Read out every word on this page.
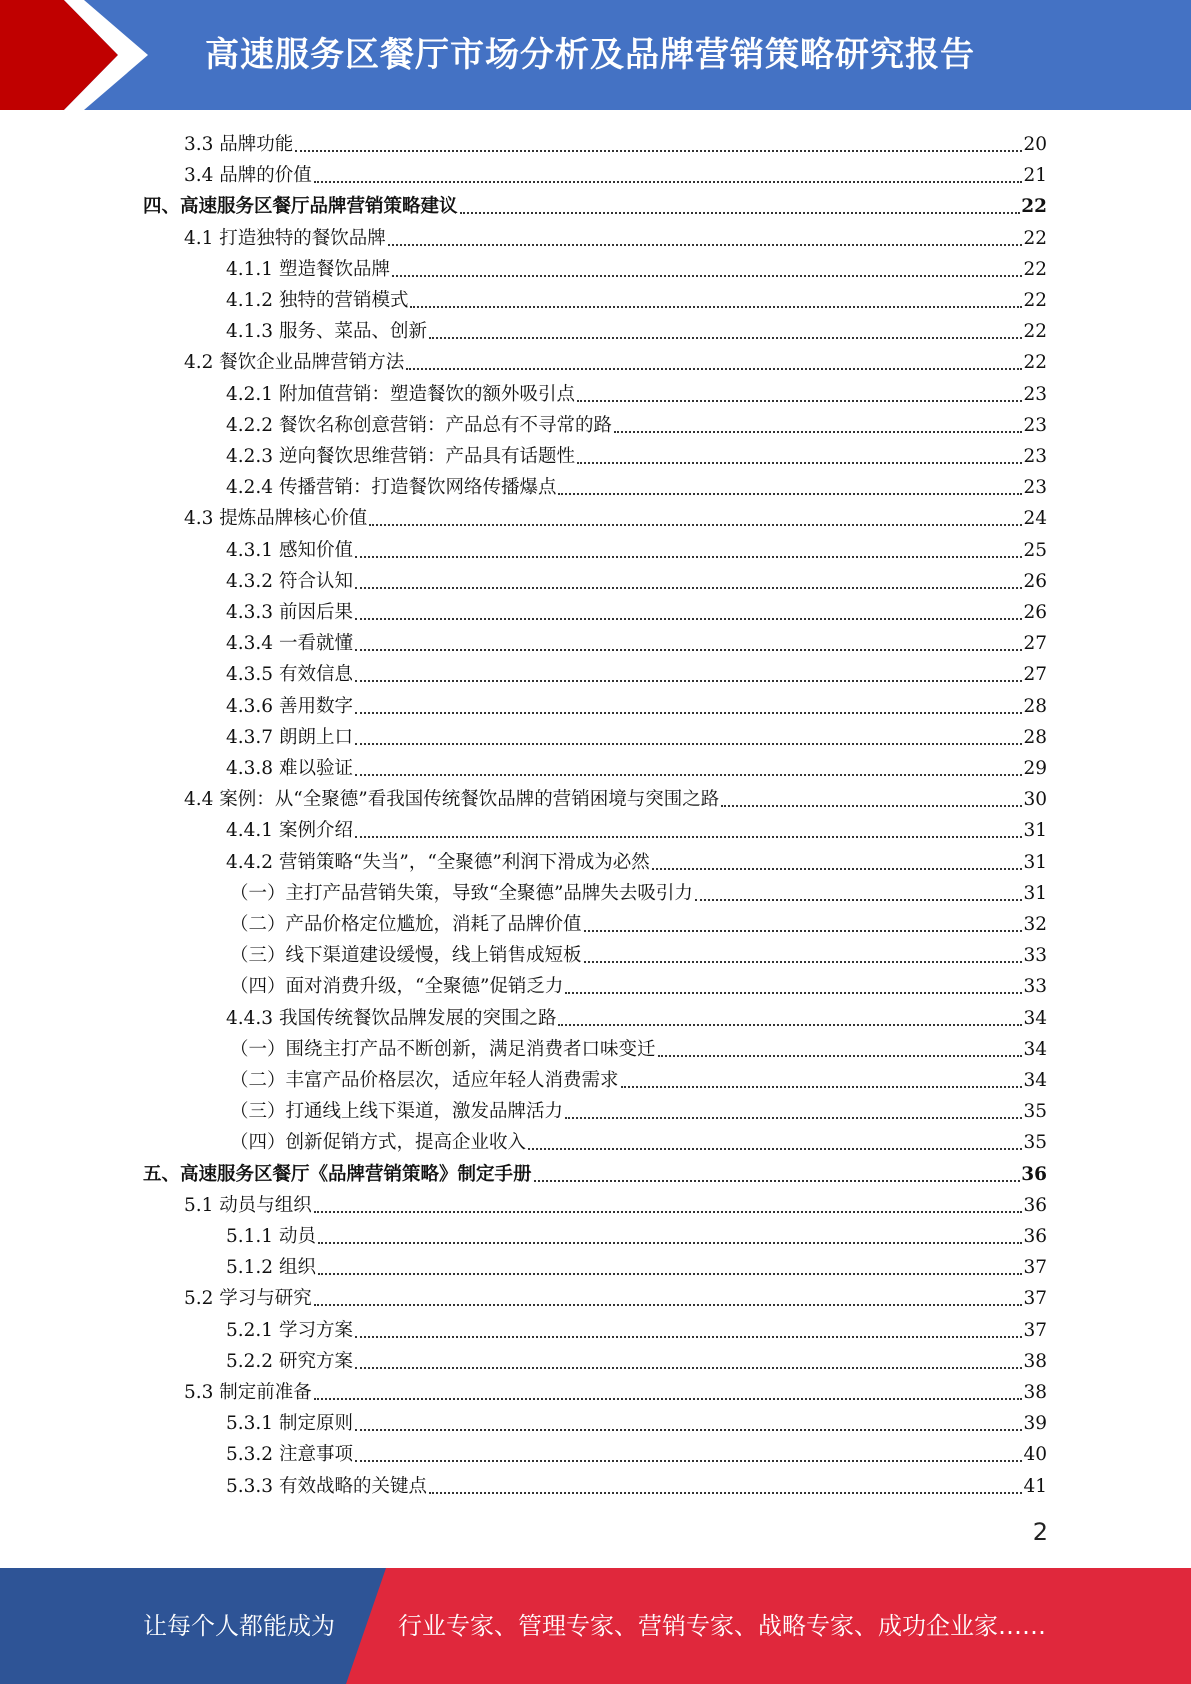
高速服务区餐厅市场分析及品牌营销策略研究报告
3.3 品牌功能	20
3.4 品牌的价值	21
四、高速服务区餐厅品牌营销策略建议	22
4.1 打造独特的餐饮品牌	22
4.1.1 塑造餐饮品牌	22
4.1.2 独特的营销模式	22
4.1.3 服务、菜品、创新	22
4.2 餐饮企业品牌营销方法	22
4.2.1 附加值营销：塑造餐饮的额外吸引点	23
4.2.2 餐饮名称创意营销：产品总有不寻常的路	23
4.2.3 逆向餐饮思维营销：产品具有话题性	23
4.2.4 传播营销：打造餐饮网络传播爆点	23
4.3 提炼品牌核心价值	24
4.3.1 感知价值	25
4.3.2 符合认知	26
4.3.3 前因后果	26
4.3.4 一看就懂	27
4.3.5 有效信息	27
4.3.6 善用数字	28
4.3.7 朗朗上口	28
4.3.8 难以验证	29
4.4 案例：从“全聚德”看我国传统餐饮品牌的营销困境与突围之路	30
4.4.1 案例介绍	31
4.4.2 营销策略“失当”，“全聚德”利润下滑成为必然	31
（一）主打产品营销失策，导致“全聚德”品牌失去吸引力	31
（二）产品价格定位尴尬，消耗了品牌价值	32
（三）线下渠道建设缓慢，线上销售成短板	33
（四）面对消费升级，“全聚德”促销乏力	33
4.4.3 我国传统餐饮品牌发展的突围之路	34
（一）围绕主打产品不断创新，满足消费者口味变迁	34
（二）丰富产品价格层次，适应年轻人消费需求	34
（三）打通线上线下渠道，激发品牌活力	35
（四）创新促销方式，提高企业收入	35
五、高速服务区餐厅《品牌营销策略》制定手册	36
5.1 动员与组织	36
5.1.1 动员	36
5.1.2 组织	37
5.2 学习与研究	37
5.2.1 学习方案	37
5.2.2 研究方案	38
5.3 制定前准备	38
5.3.1 制定原则	39
5.3.2 注意事项	40
5.3.3 有效战略的关键点	41
2
让每个人都能成为	行业专家、管理专家、营销专家、战略专家、成功企业家……
